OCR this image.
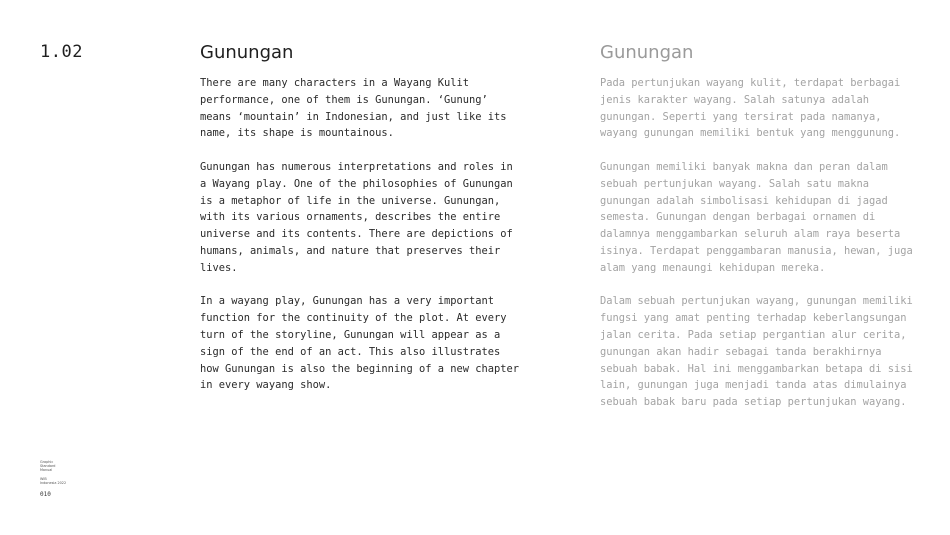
1.02	Gunungan

There are many characters in a Wayang Kulit performance, one of them is Gunungan. ‘Gunung’ means ‘mountain’ in Indonesian, and just like its name, its shape is mountainous.

Gunungan has numerous interpretations and roles in a Wayang play. One of the philosophies of Gunungan is a metaphor of life in the universe. Gunungan, with its various ornaments, describes the entire universe and its contents. There are depictions of humans, animals, and nature that preserves their lives.

In a wayang play, Gunungan has a very important function for the continuity of the plot. At every turn of the storyline, Gunungan will appear as a sign of the end of an act. This also illustrates how Gunungan is also the beginning of a new chapter in every wayang show.

Gunungan

Pada pertunjukan wayang kulit, terdapat berbagai jenis karakter wayang. Salah satunya adalah gunungan. Seperti yang tersirat pada namanya, wayang gunungan memiliki bentuk yang menggunung.

Gunungan memiliki banyak makna dan peran dalam sebuah pertunjukan wayang. Salah satu makna gunungan adalah simbolisasi kehidupan di jagad semesta. Gunungan dengan berbagai ornamen di dalamnya menggambarkan seluruh alam raya beserta isinya. Terdapat penggambaran manusia, hewan, juga alam yang menaungi kehidupan mereka.

Dalam sebuah pertunjukan wayang, gunungan memiliki fungsi yang amat penting terhadap keberlangsungan jalan cerita. Pada setiap pergantian alur cerita, gunungan akan hadir sebagai tanda berakhirnya sebuah babak. Hal ini menggambarkan betapa di sisi lain, gunungan juga menjadi tanda atas dimulainya sebuah babak baru pada setiap pertunjukan wayang.

Graphic
Standard
Manual
WIB
Indonesia 2022
010
